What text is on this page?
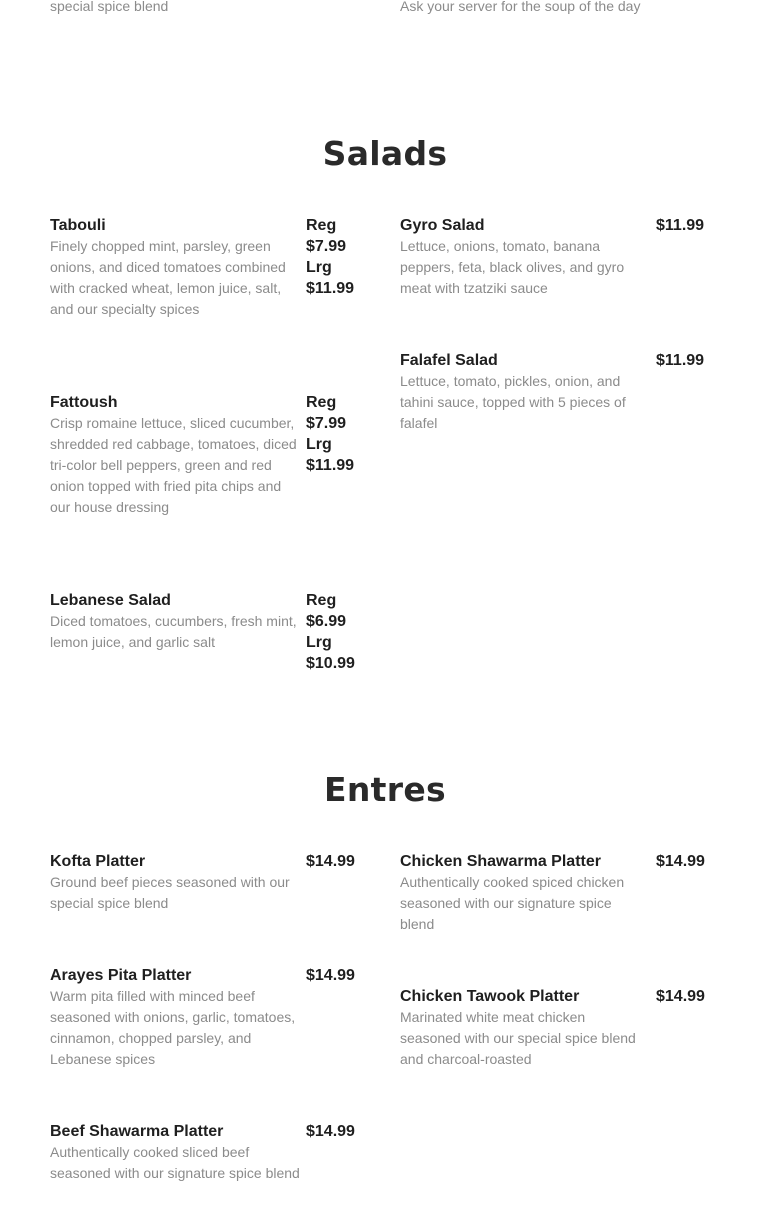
special spice blend	Ask your server for the soup of the day
Salads
Tabouli
Finely chopped mint, parsley, green onions, and diced tomatoes combined with cracked wheat, lemon juice, salt, and our specialty spices
Reg
$7.99
Lrg
$11.99
Fattoush
Crisp romaine lettuce, sliced cucumber, shredded red cabbage, tomatoes, diced tri-color bell peppers, green and red onion topped with fried pita chips and our house dressing
Reg
$7.99
Lrg
$11.99
Lebanese Salad
Diced tomatoes, cucumbers, fresh mint, lemon juice, and garlic salt
Reg
$6.99
Lrg
$10.99
Gyro Salad
Lettuce, onions, tomato, banana peppers, feta, black olives, and gyro meat with tzatziki sauce
$11.99
Falafel Salad
Lettuce, tomato, pickles, onion, and tahini sauce, topped with 5 pieces of falafel
$11.99
Entres
Kofta Platter
Ground beef pieces seasoned with our special spice blend
$14.99
Arayes Pita Platter
Warm pita filled with minced beef seasoned with onions, garlic, tomatoes, cinnamon, chopped parsley, and Lebanese spices
$14.99
Beef Shawarma Platter
Authentically cooked sliced beef seasoned with our signature spice blend
$14.99
Chicken Shawarma Platter
Authentically cooked spiced chicken seasoned with our signature spice blend
$14.99
Chicken Tawook Platter
Marinated white meat chicken seasoned with our special spice blend and charcoal-roasted
$14.99
